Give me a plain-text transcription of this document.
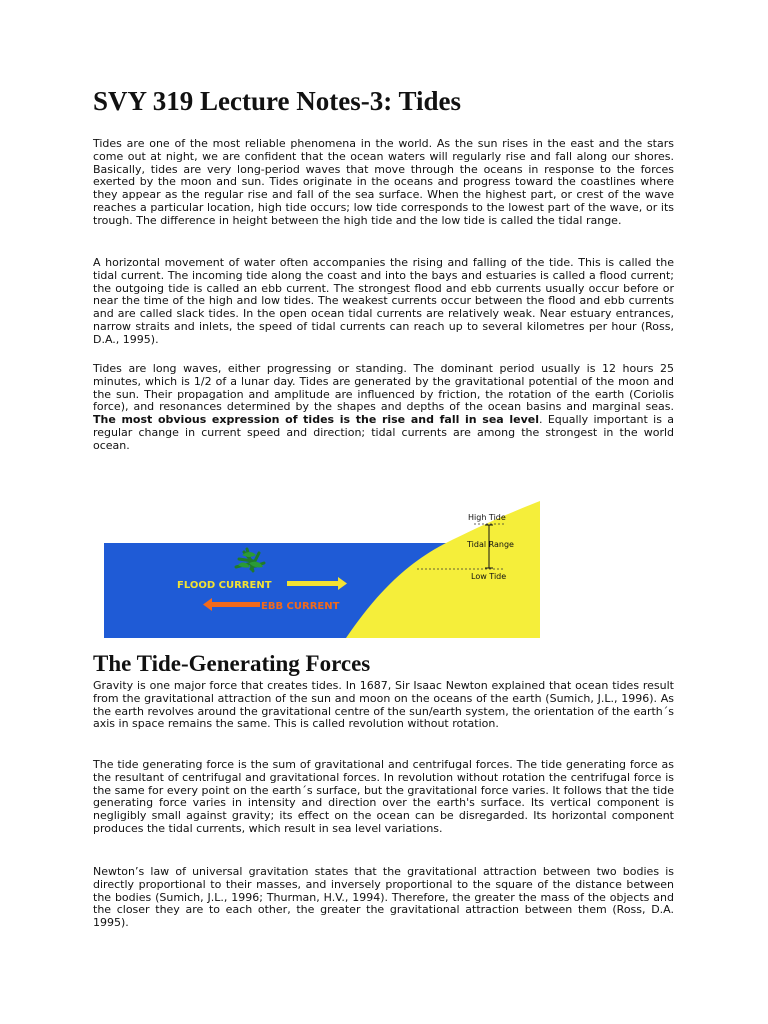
SVY 319 Lecture Notes-3: Tides

Tides are one of the most reliable phenomena in the world. As the sun rises in the east and the stars come out at night, we are confident that the ocean waters will regularly rise and fall along our shores. Basically, tides are very long-period waves that move through the oceans in response to the forces exerted by the moon and sun. Tides originate in the oceans and progress toward the coastlines where they appear as the regular rise and fall of the sea surface. When the highest part, or crest of the wave reaches a particular location, high tide occurs; low tide corresponds to the lowest part of the wave, or its trough. The difference in height between the high tide and the low tide is called the tidal range.

A horizontal movement of water often accompanies the rising and falling of the tide. This is called the tidal current. The incoming tide along the coast and into the bays and estuaries is called a flood current; the outgoing tide is called an ebb current. The strongest flood and ebb currents usually occur before or near the time of the high and low tides. The weakest currents occur between the flood and ebb currents and are called slack tides. In the open ocean tidal currents are relatively weak. Near estuary entrances, narrow straits and inlets, the speed of tidal currents can reach up to several kilometres per hour (Ross, D.A., 1995).

Tides are long waves, either progressing or standing. The dominant period usually is 12 hours 25 minutes, which is 1/2 of a lunar day. Tides are generated by the gravitational potential of the moon and the sun. Their propagation and amplitude are influenced by friction, the rotation of the earth (Coriolis force), and resonances determined by the shapes and depths of the ocean basins and marginal seas. The most obvious expression of tides is the rise and fall in sea level. Equally important is a regular change in current speed and direction; tidal currents are among the strongest in the world ocean.

FLOOD CURRENT
EBB CURRENT
High Tide
Tidal Range
Low Tide
The Tide-Generating Forces

Gravity is one major force that creates tides. In 1687, Sir Isaac Newton explained that ocean tides result from the gravitational attraction of the sun and moon on the oceans of the earth (Sumich, J.L., 1996). As the earth revolves around the gravitational centre of the sun/earth system, the orientation of the earth´s axis in space remains the same. This is called revolution without rotation.

The tide generating force is the sum of gravitational and centrifugal forces. The tide generating force as the resultant of centrifugal and gravitational forces. In revolution without rotation the centrifugal force is the same for every point on the earth´s surface, but the gravitational force varies. It follows that the tide generating force varies in intensity and direction over the earth's surface. Its vertical component is negligibly small against gravity; its effect on the ocean can be disregarded. Its horizontal component produces the tidal currents, which result in sea level variations.

Newton’s law of universal gravitation states that the gravitational attraction between two bodies is directly proportional to their masses, and inversely proportional to the square of the distance between the bodies (Sumich, J.L., 1996; Thurman, H.V., 1994). Therefore, the greater the mass of the objects and the closer they are to each other, the greater the gravitational attraction between them (Ross, D.A. 1995).
